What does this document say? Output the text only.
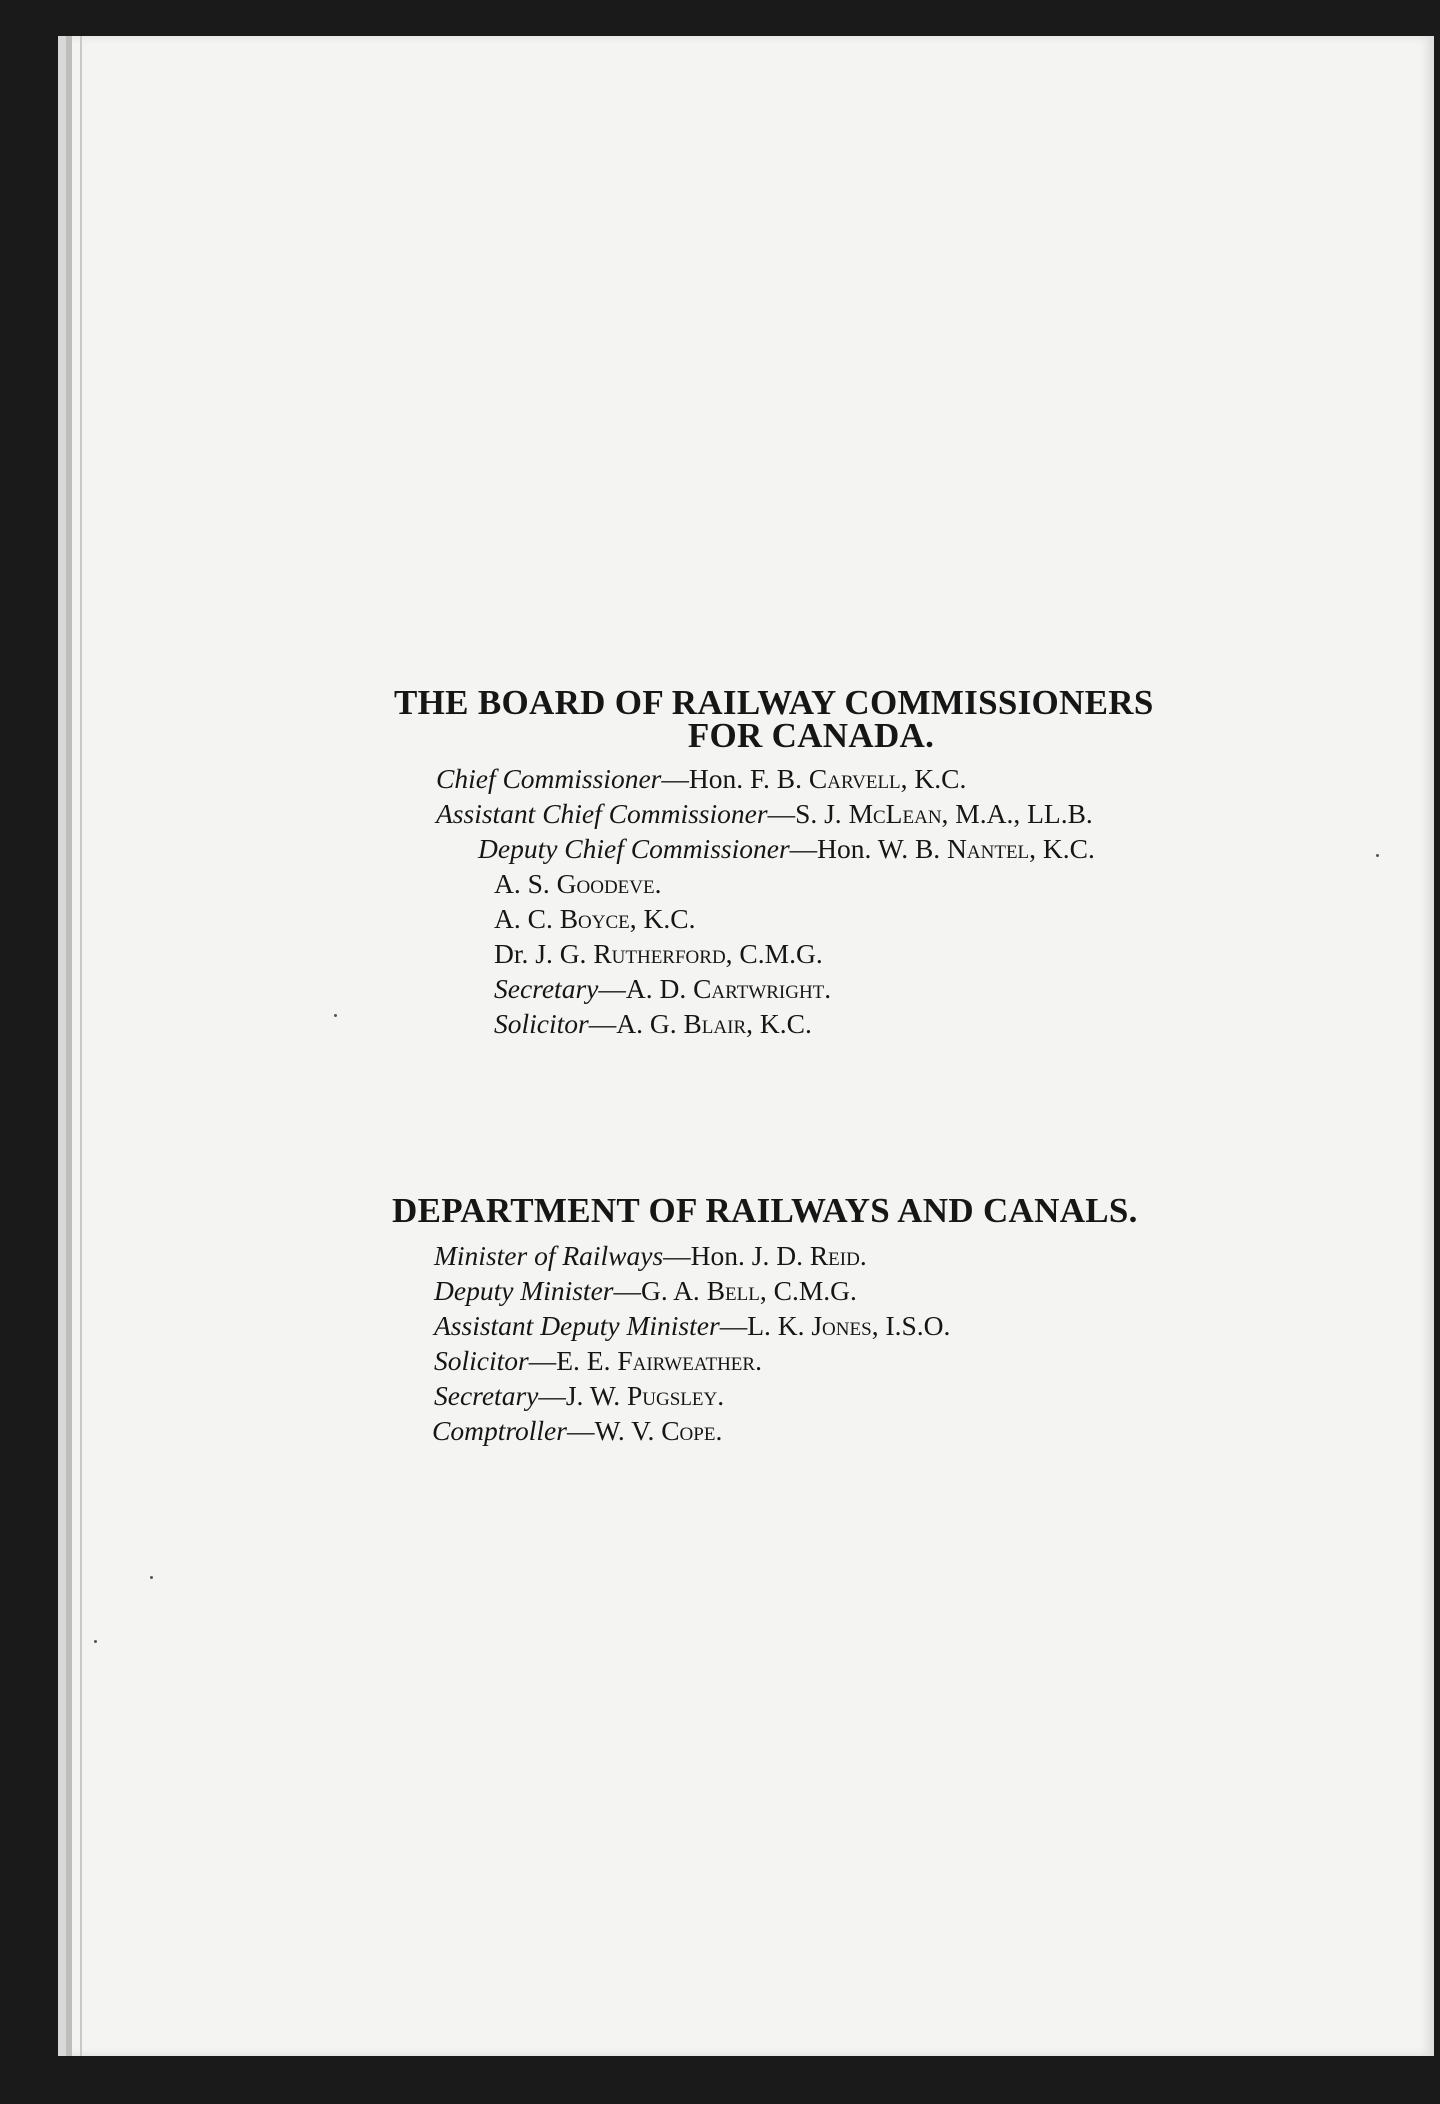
THE BOARD OF RAILWAY COMMISSIONERS
FOR CANADA.
Chief Commissioner—Hon. F. B. Carvell, K.C.
Assistant Chief Commissioner—S. J. McLean, M.A., LL.B.
Deputy Chief Commissioner—Hon. W. B. Nantel, K.C.
A. S. Goodeve.
A. C. Boyce, K.C.
Dr. J. G. Rutherford, C.M.G.
Secretary—A. D. Cartwright.
Solicitor—A. G. Blair, K.C.
DEPARTMENT OF RAILWAYS AND CANALS.
Minister of Railways—Hon. J. D. Reid.
Deputy Minister—G. A. Bell, C.M.G.
Assistant Deputy Minister—L. K. Jones, I.S.O.
Solicitor—E. E. Fairweather.
Secretary—J. W. Pugsley.
Comptroller—W. V. Cope.
